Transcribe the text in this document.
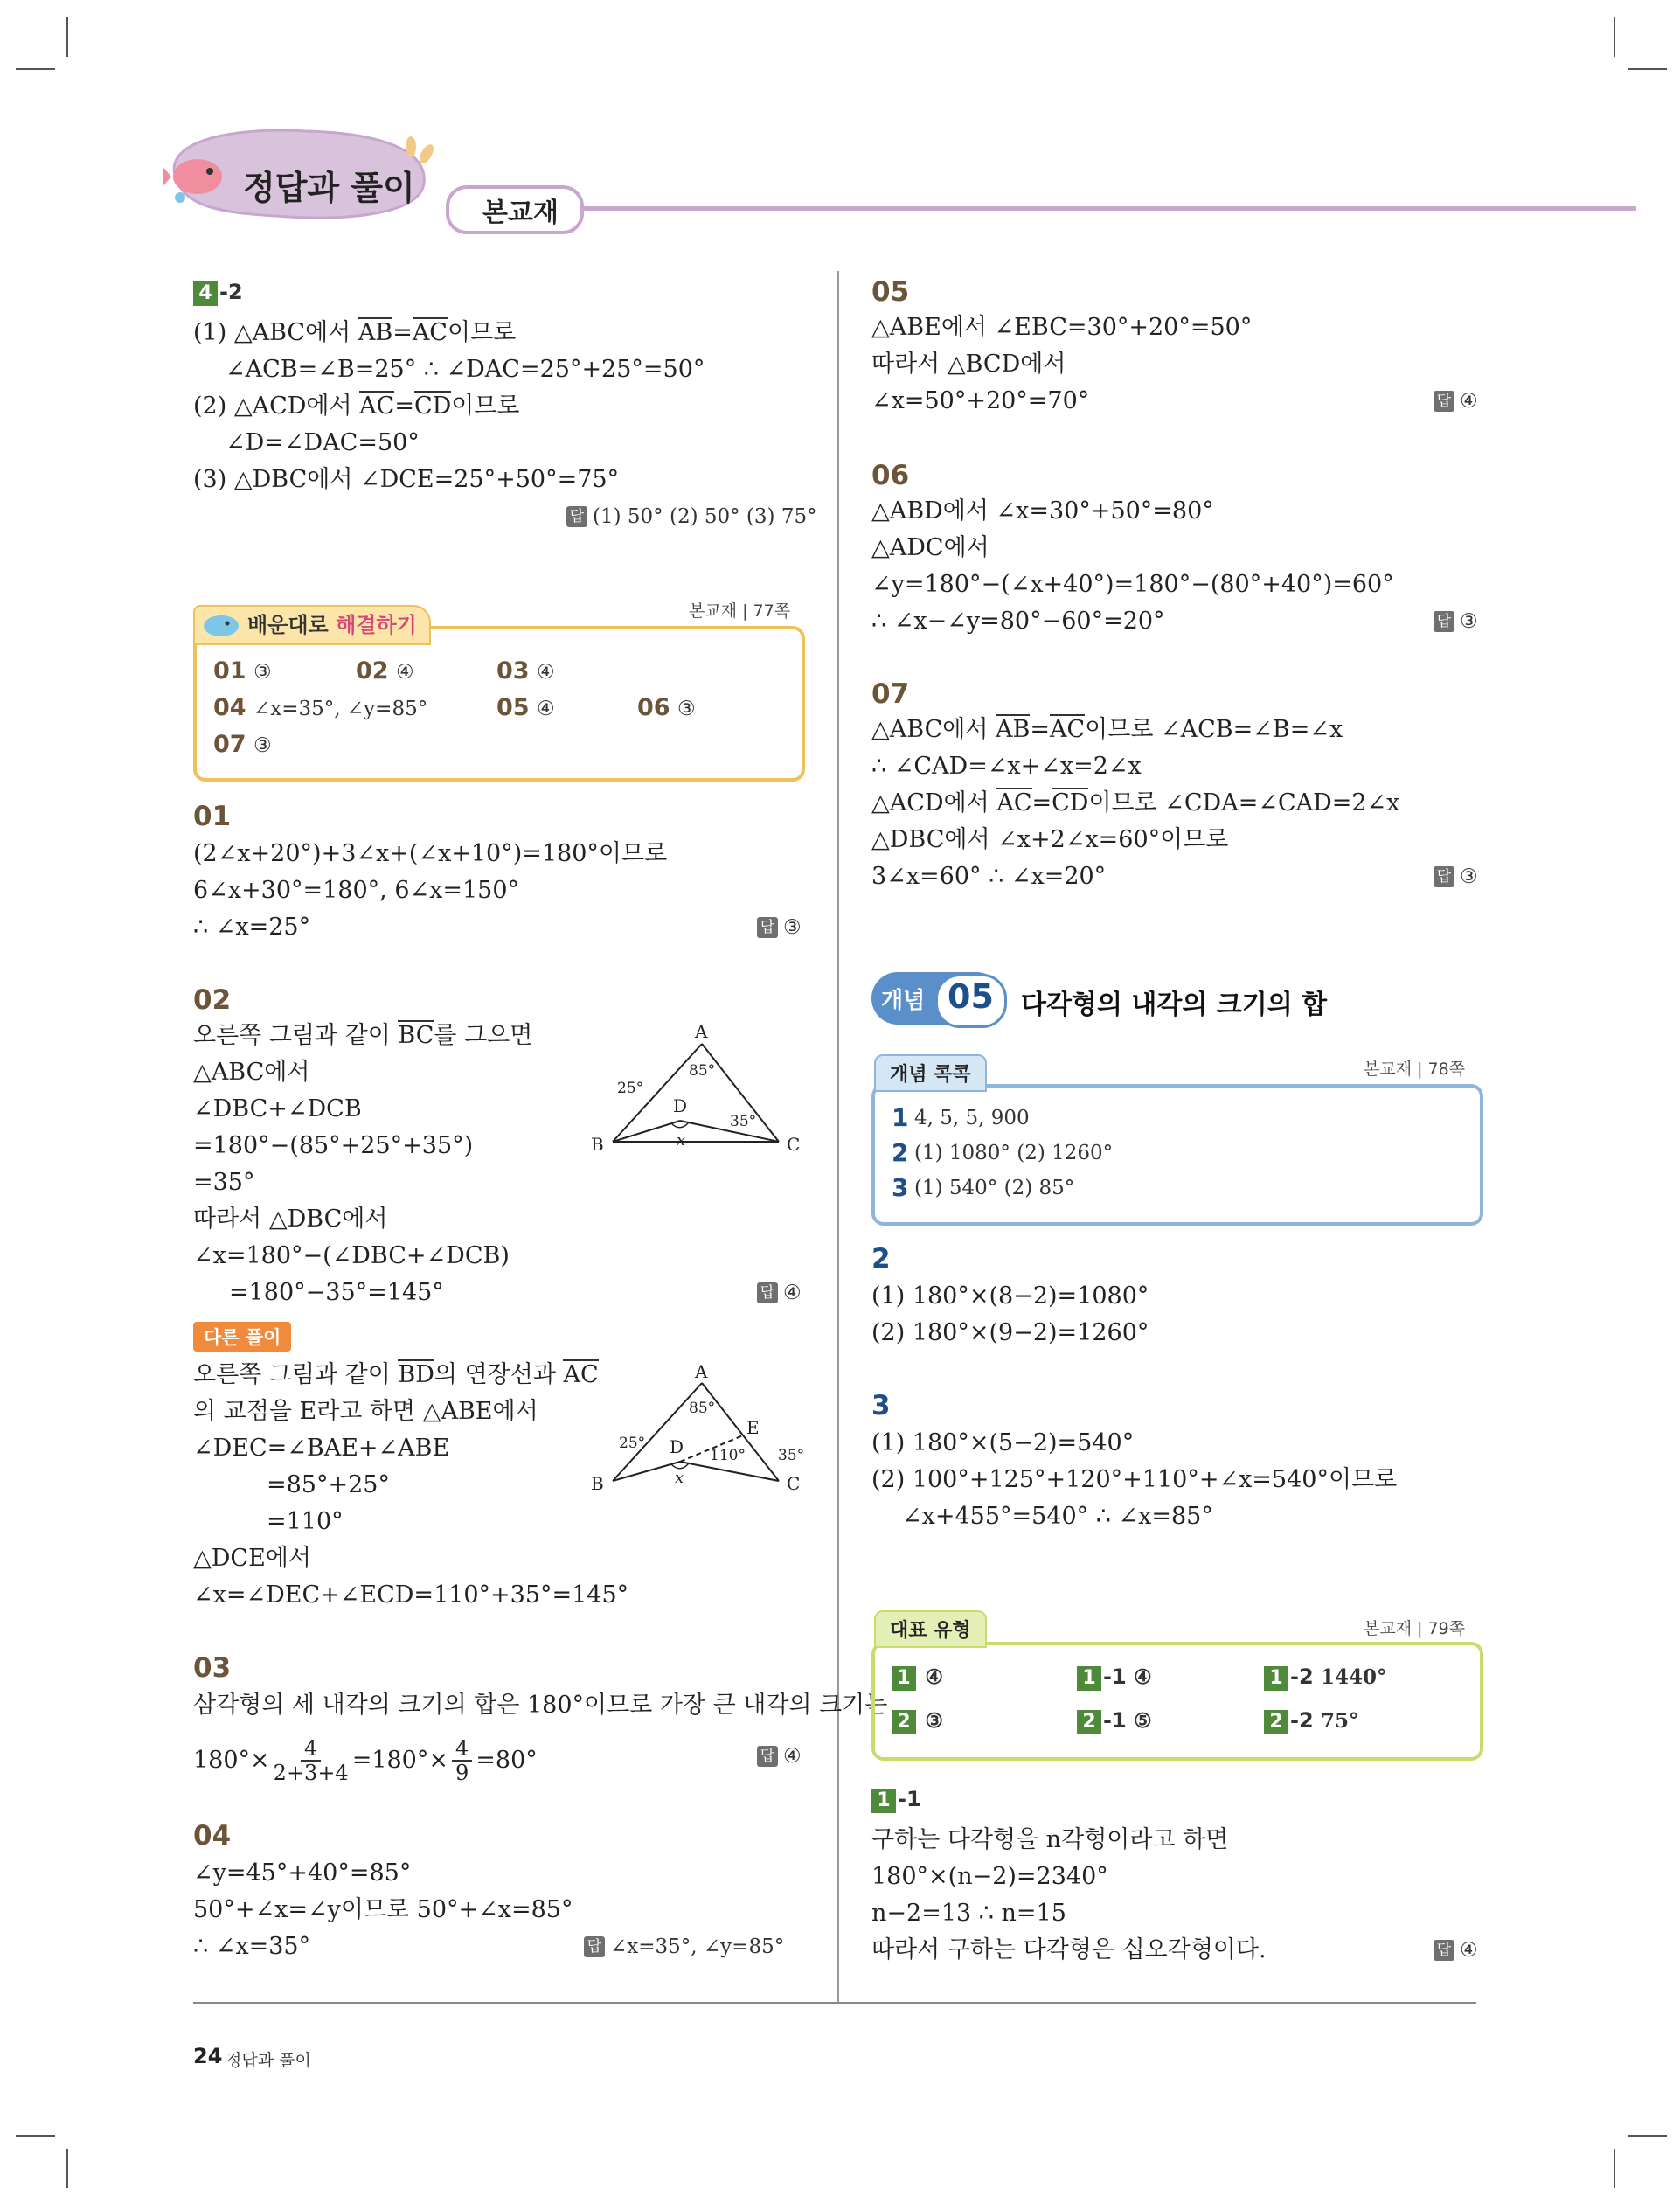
정답과 풀이
본교재
4 -2
(1) △ABC에서 AB=AC이므로
∠ACB=∠B=25° ∴ ∠DAC=25°+25°=50°
(2) △ACD에서 AC=CD이므로
∠D=∠DAC=50°
(3) △DBC에서 ∠DCE=25°+50°=75°
답 (1) 50° (2) 50° (3) 75°
본교재 | 77쪽
배운대로 해결하기
01 ③	02 ④	03 ④
04 ∠x=35°, ∠y=85°	05 ④	06 ③
07 ③
01
(2∠x+20°)+3∠x+(∠x+10°)=180°이므로
6∠x+30°=180°, 6∠x=150°
∴ ∠x=25°	답 ③
02
오른쪽 그림과 같이 BC를 그으면
△ABC에서
∠DBC+∠DCB
=180°−(85°+25°+35°)
=35°
따라서 △DBC에서
∠x=180°−(∠DBC+∠DCB)
=180°−35°=145°	답 ④
A
B	C
D
x
85°
25°
35°
다른 풀이
오른쪽 그림과 같이 BD의 연장선과 AC
의 교점을 E라고 하면 △ABE에서
∠DEC=∠BAE+∠ABE
=85°+25°
=110°
△DCE에서
∠x=∠DEC+∠ECD=110°+35°=145°
A
B	C
D
E
x
85°
25°
35°
110°
03
삼각형의 세 내각의 크기의 합은 180°이므로 가장 큰 내각의 크기는
$180^\circ\times \frac{4}{2+3+4} =180^\circ\times \frac{4}{9} =80^\circ$	답 ④
04
∠y=45°+40°=85°
50°+∠x=∠y이므로 50°+∠x=85°
∴ ∠x=35°	답 ∠x=35°, ∠y=85°
05
△ABE에서 ∠EBC=30°+20°=50°
따라서 △BCD에서
∠x=50°+20°=70°	답 ④
06
△ABD에서 ∠x=30°+50°=80°
△ADC에서
∠y=180°−(∠x+40°)=180°−(80°+40°)=60°
∴ ∠x−∠y=80°−60°=20°	답 ③
07
△ABC에서 AB=AC이므로 ∠ACB=∠B=∠x
∴ ∠CAD=∠x+∠x=2∠x
△ACD에서 AC=CD이므로 ∠CDA=∠CAD=2∠x
△DBC에서 ∠x+2∠x=60°이므로
3∠x=60° ∴ ∠x=20°	답 ③
개념 05 다각형의 내각의 크기의 합
본교재 | 78쪽
개념 콕콕
1 4, 5, 5, 900
2 (1) 1080° (2) 1260°
3 (1) 540° (2) 85°
2
(1) 180°×(8−2)=1080°
(2) 180°×(9−2)=1260°
3
(1) 180°×(5−2)=540°
(2) 100°+125°+120°+110°+∠x=540°이므로
∠x+455°=540° ∴ ∠x=85°
본교재 | 79쪽
대표 유형
1 ④	1 -1 ④	1 -2 1440°
2 ③	2 -1 ⑤	2 -2 75°
1 -1
구하는 다각형을 n각형이라고 하면
180°×(n−2)=2340°
n−2=13 ∴ n=15
따라서 구하는 다각형은 십오각형이다.	답 ④
24 정답과 풀이
